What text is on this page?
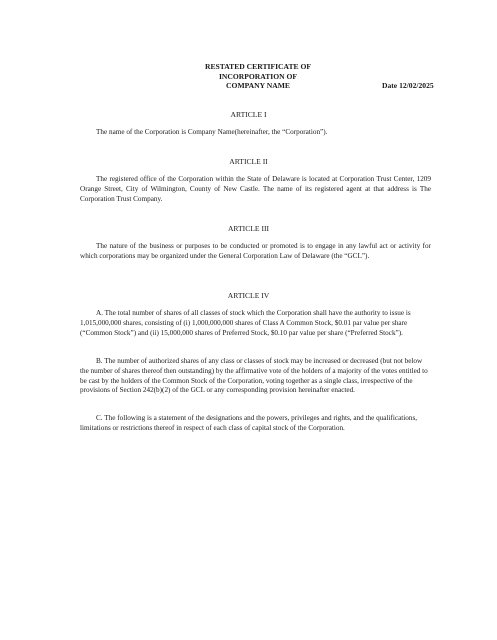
RESTATED CERTIFICATE OF
INCORPORATION OF
COMPANY NAME	Date 12/02/2025
ARTICLE I

The name of the Corporation is Company Name(hereinafter, the “Corporation”).

ARTICLE II

The registered office of the Corporation within the State of Delaware is located at Corporation Trust Center, 1209 Orange Street, City of Wilmington, County of New Castle. The name of its registered agent at that address is The Corporation Trust Company.

ARTICLE III

The nature of the business or purposes to be conducted or promoted is to engage in any lawful act or activity for which corporations may be organized under the General Corporation Law of Delaware (the “GCL”).

ARTICLE IV

A. The total number of shares of all classes of stock which the Corporation shall have the authority to issue is 1,015,000,000 shares, consisting of (i) 1,000,000,000 shares of Class A Common Stock, $0.01 par value per share (“Common Stock”) and (ii) 15,000,000 shares of Preferred Stock, $0.10 par value per share (“Preferred Stock”).

B. The number of authorized shares of any class or classes of stock may be increased or decreased (but not below the number of shares thereof then outstanding) by the affirmative vote of the holders of a majority of the votes entitled to be cast by the holders of the Common Stock of the Corporation, voting together as a single class, irrespective of the provisions of Section 242(b)(2) of the GCL or any corresponding provision hereinafter enacted.

C. The following is a statement of the designations and the powers, privileges and rights, and the qualifications, limitations or restrictions thereof in respect of each class of capital stock of the Corporation.
